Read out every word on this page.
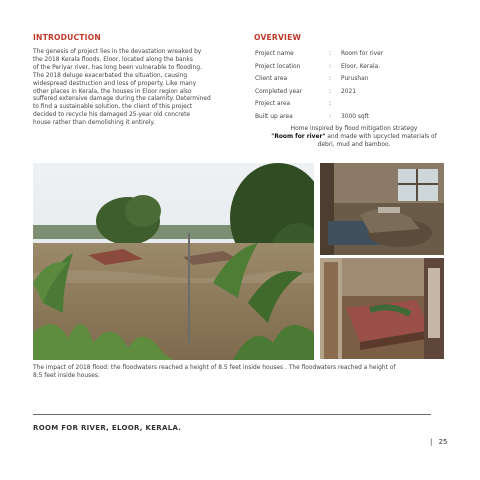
INTRODUCTION
The genesis of project lies in the devastation wreaked by
the 2018 Kerala floods. Eloor, located along the banks
of the Periyar river, has long been vulnerable to flooding.
The 2018 deluge exacerbated the situation, causing
widespread destruction and loss of property. Like many
other places in Kerala, the houses in Eloor region also
suffered extensive damage during the calamity. Determined
to find a sustainable solution, the client of this project
decided to recycle his damaged 25-year old concrete
house rather than demolishing it entirely.
OVERVIEW
Project name	:	Room for river
Project location	:	Eloor, Kerala.
Client area	:	Purushan
Completed year	:	2021
Project area	:	
Built up area	:	3000 sqft
Home inspired by flood mitigation strategy
"Room for river" and made with upcycled materials of
debri, mud and bamboo.
The impact of 2018 flood: the floodwaters reached a height of 8.5 feet inside houses . The floodwaters reached a height of
8.5 feet inside houses.
ROOM FOR RIVER, ELOOR, KERALA.
| 25
